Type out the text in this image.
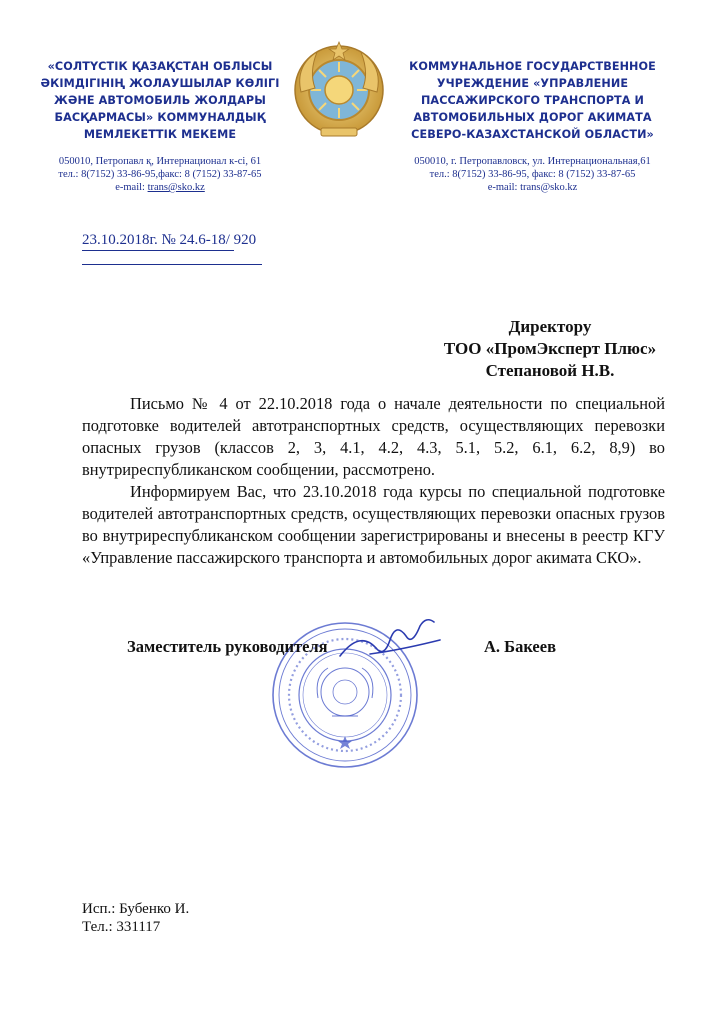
«СОЛТҮСТІК ҚАЗАҚСТАН ОБЛЫСЫ
ӘКІМДІГІНІҢ ЖОЛАУШЫЛАР КӨЛІГІ
ЖӘНЕ АВТОМОБИЛЬ ЖОЛДАРЫ
БАСҚАРМАСЫ» КОММУНАЛДЫҚ
МЕМЛЕКЕТТІК МЕКЕМЕ
050010, Петропавл қ, Интернационал к-сі, 61
тел.: 8(7152) 33-86-95,факс: 8 (7152) 33-87-65
e-mail: trans@sko.kz
КОММУНАЛЬНОЕ ГОСУДАРСТВЕННОЕ
УЧРЕЖДЕНИЕ «УПРАВЛЕНИЕ
ПАССАЖИРСКОГО ТРАНСПОРТА И
АВТОМОБИЛЬНЫХ ДОРОГ АКИМАТА
СЕВЕРО-КАЗАХСТАНСКОЙ ОБЛАСТИ»
050010, г. Петропавловск, ул. Интернациональная,61
тел.: 8(7152) 33-86-95, факс: 8 (7152) 33-87-65
e-mail: trans@sko.kz
23.10.2018г. № 24.6-18/ 920
Директору
ТОО «ПромЭксперт Плюс»
Степановой Н.В.

Письмо № 4 от 22.10.2018 года о начале деятельности по специальной подготовке водителей автотранспортных средств, осуществляющих перевозки опасных грузов (классов 2, 3, 4.1, 4.2, 4.3, 5.1, 5.2, 6.1, 6.2, 8,9) во внутриреспубликанском сообщении, рассмотрено.

Информируем Вас, что 23.10.2018 года курсы по специальной подготовке водителей автотранспортных средств, осуществляющих перевозки опасных грузов во внутриреспубликанском сообщении зарегистрированы и внесены в реестр КГУ «Управление пассажирского транспорта и автомобильных дорог акимата СКО».

Заместитель руководителя	А. Бакеев
Исп.: Бубенко И.
Тел.: 331117
